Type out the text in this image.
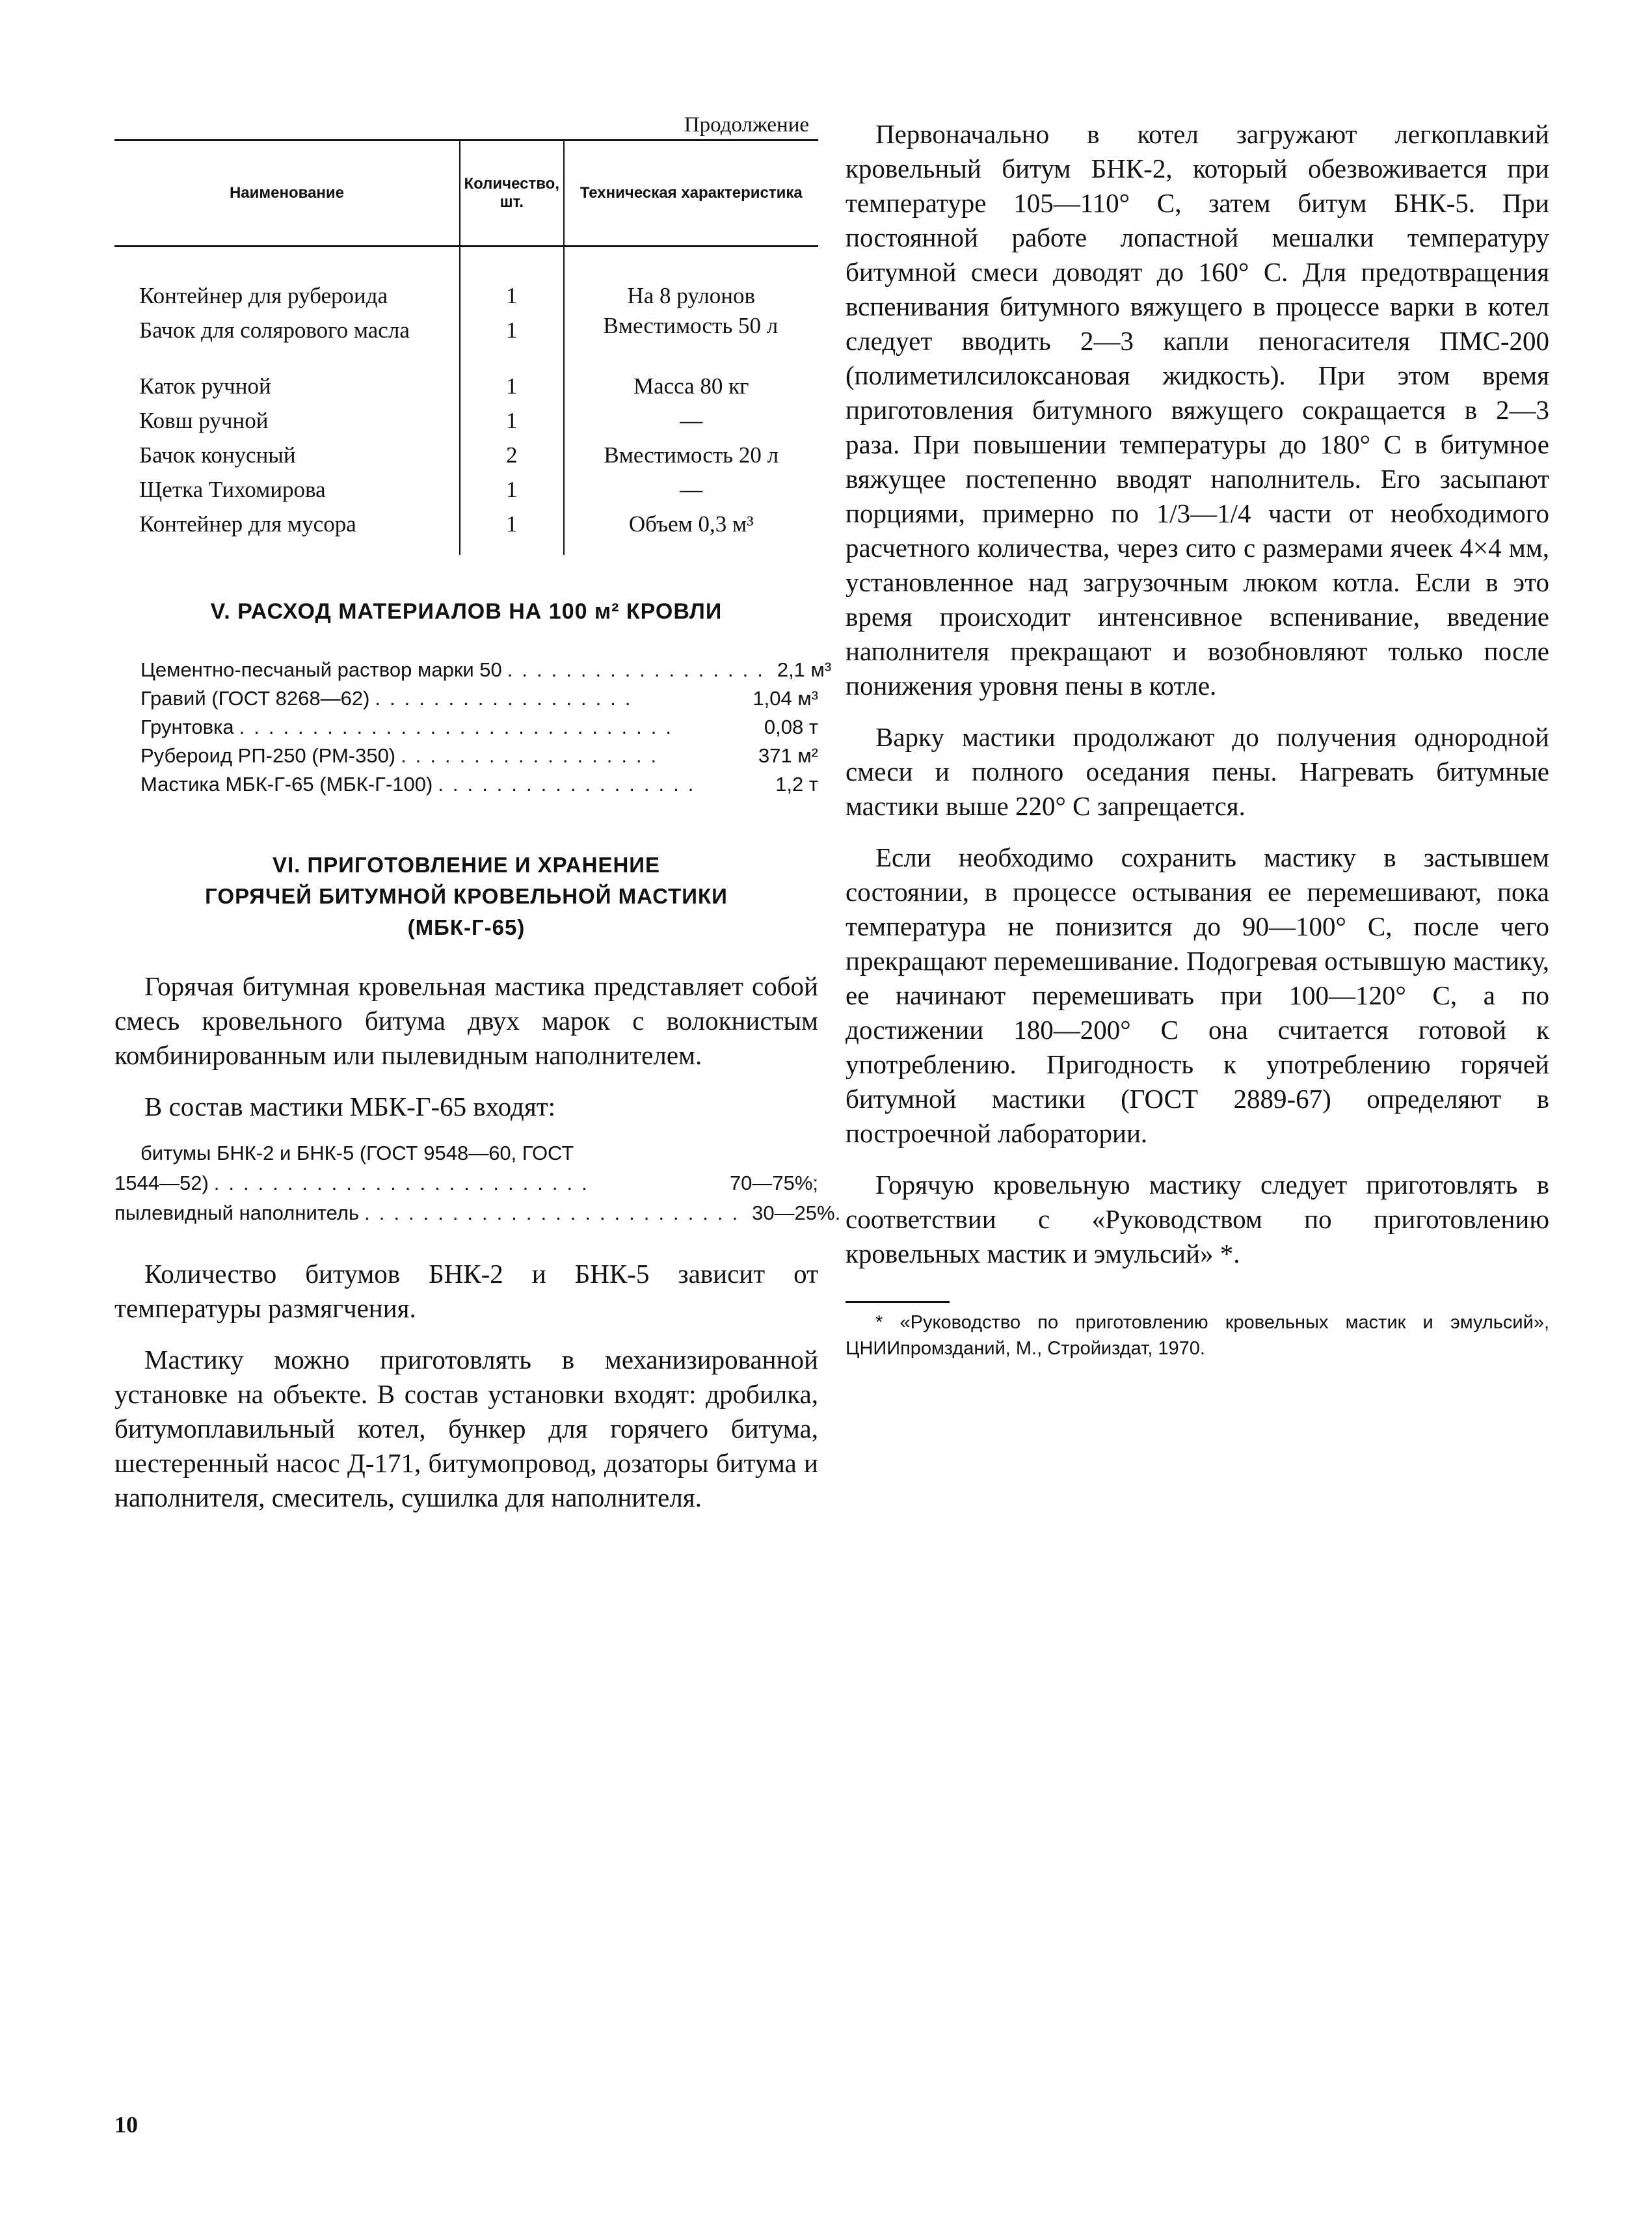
Продолжение
Наименование	Количество, шт.	Техническая характеристика
Контейнер для рубероида	1	На 8 рулонов
Бачок для солярового масла	1	Вместимость 50 л
Каток ручной	1	Масса 80 кг
Ковш ручной	1	—
Бачок конусный	2	Вместимость 20 л
Щетка Тихомирова	1	—
Контейнер для мусора	1	Объем 0,3 м³
V. РАСХОД МАТЕРИАЛОВ НА 100 м² КРОВЛИ
Цементно-песчаный раствор марки 50 .................. 2,1 м³
Гравий (ГОСТ 8268—62) ..................	1,04 м³
Грунтовка ..............................	0,08 т
Рубероид РП-250 (РМ-350) ..................	371 м²
Мастика МБК-Г-65 (МБК-Г-100) ..................	1,2 т
VI. ПРИГОТОВЛЕНИЕ И ХРАНЕНИЕ
ГОРЯЧЕЙ БИТУМНОЙ КРОВЕЛЬНОЙ МАСТИКИ
(МБК-Г-65)

Горячая битумная кровельная мастика представляет собой смесь кровельного битума двух марок с волокнистым комбинированным или пылевидным наполнителем.

В состав мастики МБК-Г-65 входят:

битумы БНК-2 и БНК-5 (ГОСТ 9548—60, ГОСТ
1544—52) ..........................	70—75%;
пылевидный наполнитель .......................... 30—25%.

Количество битумов БНК-2 и БНК-5 зависит от температуры размягчения.

Мастику можно приготовлять в механизированной установке на объекте. В состав установки входят: дробилка, битумоплавильный котел, бункер для горячего битума, шестеренный насос Д-171, битумопровод, дозаторы битума и наполнителя, смеситель, сушилка для наполнителя.

Первоначально в котел загружают легкоплавкий кровельный битум БНК-2, который обезвоживается при температуре 105—110° С, затем битум БНК-5. При постоянной работе лопастной мешалки температуру битумной смеси доводят до 160° С. Для предотвращения вспенивания битумного вяжущего в процессе варки в котел следует вводить 2—3 капли пеногасителя ПМС-200 (полиметилсилоксановая жидкость). При этом время приготовления битумного вяжущего сокращается в 2—3 раза. При повышении температуры до 180° С в битумное вяжущее постепенно вводят наполнитель. Его засыпают порциями, примерно по 1/3—1/4 части от необходимого расчетного количества, через сито с размерами ячеек 4×4 мм, установленное над загрузочным люком котла. Если в это время происходит интенсивное вспенивание, введение наполнителя прекращают и возобновляют только после понижения уровня пены в котле.

Варку мастики продолжают до получения однородной смеси и полного оседания пены. Нагревать битумные мастики выше 220° С запрещается.

Если необходимо сохранить мастику в застывшем состоянии, в процессе остывания ее перемешивают, пока температура не понизится до 90—100° С, после чего прекращают перемешивание. Подогревая остывшую мастику, ее начинают перемешивать при 100—120° С, а по достижении 180—200° С она считается готовой к употреблению. Пригодность к употреблению горячей битумной мастики (ГОСТ 2889-67) определяют в построечной лаборатории.

Горячую кровельную мастику следует приготовлять в соответствии с «Руководством по приготовлению кровельных мастик и эмульсий» *.

* «Руководство по приготовлению кровельных мастик и эмульсий», ЦНИИпромзданий, М., Стройиздат, 1970.
10
